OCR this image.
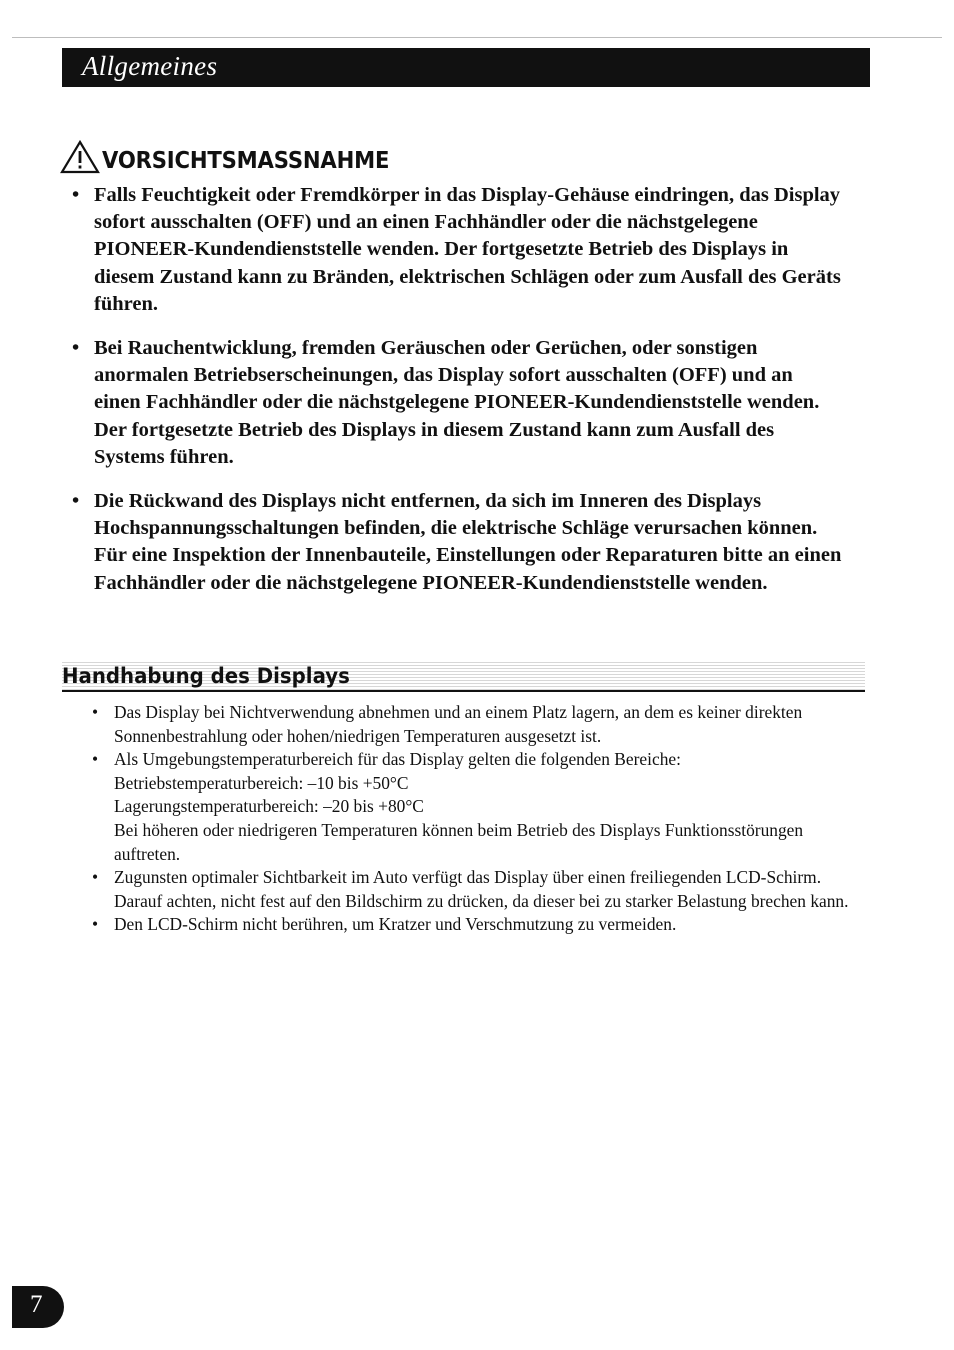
Allgemeines
VORSICHTSMASSNAHME
• Falls Feuchtigkeit oder Fremdkörper in das Display-Gehäuse eindringen, das Display sofort ausschalten (OFF) und an einen Fachhändler oder die nächstgelegene PIONEER-Kundendienststelle wenden. Der fortgesetzte Betrieb des Displays in diesem Zustand kann zu Bränden, elektrischen Schlägen oder zum Ausfall des Geräts führen.
• Bei Rauchentwicklung, fremden Geräuschen oder Gerüchen, oder sonstigen anormalen Betriebserscheinungen, das Display sofort ausschalten (OFF) und an einen Fachhändler oder die nächstgelegene PIONEER-Kundendienststelle wenden. Der fortgesetzte Betrieb des Displays in diesem Zustand kann zum Ausfall des Systems führen.
• Die Rückwand des Displays nicht entfernen, da sich im Inneren des Displays Hochspannungsschaltungen befinden, die elektrische Schläge verursachen können. Für eine Inspektion der Innenbauteile, Einstellungen oder Reparaturen bitte an einen Fachhändler oder die nächstgelegene PIONEER-Kundendienststelle wenden.
Handhabung des Displays
• Das Display bei Nichtverwendung abnehmen und an einem Platz lagern, an dem es keiner direkten Sonnenbestrahlung oder hohen/niedrigen Temperaturen ausgesetzt ist.
• Als Umgebungstemperaturbereich für das Display gelten die folgenden Bereiche:
Betriebstemperaturbereich: –10 bis +50°C
Lagerungstemperaturbereich: –20 bis +80°C
Bei höheren oder niedrigeren Temperaturen können beim Betrieb des Displays Funktionsstörungen auftreten.
• Zugunsten optimaler Sichtbarkeit im Auto verfügt das Display über einen freiliegenden LCD-Schirm. Darauf achten, nicht fest auf den Bildschirm zu drücken, da dieser bei zu starker Belastung brechen kann.
• Den LCD-Schirm nicht berühren, um Kratzer und Verschmutzung zu vermeiden.
7
